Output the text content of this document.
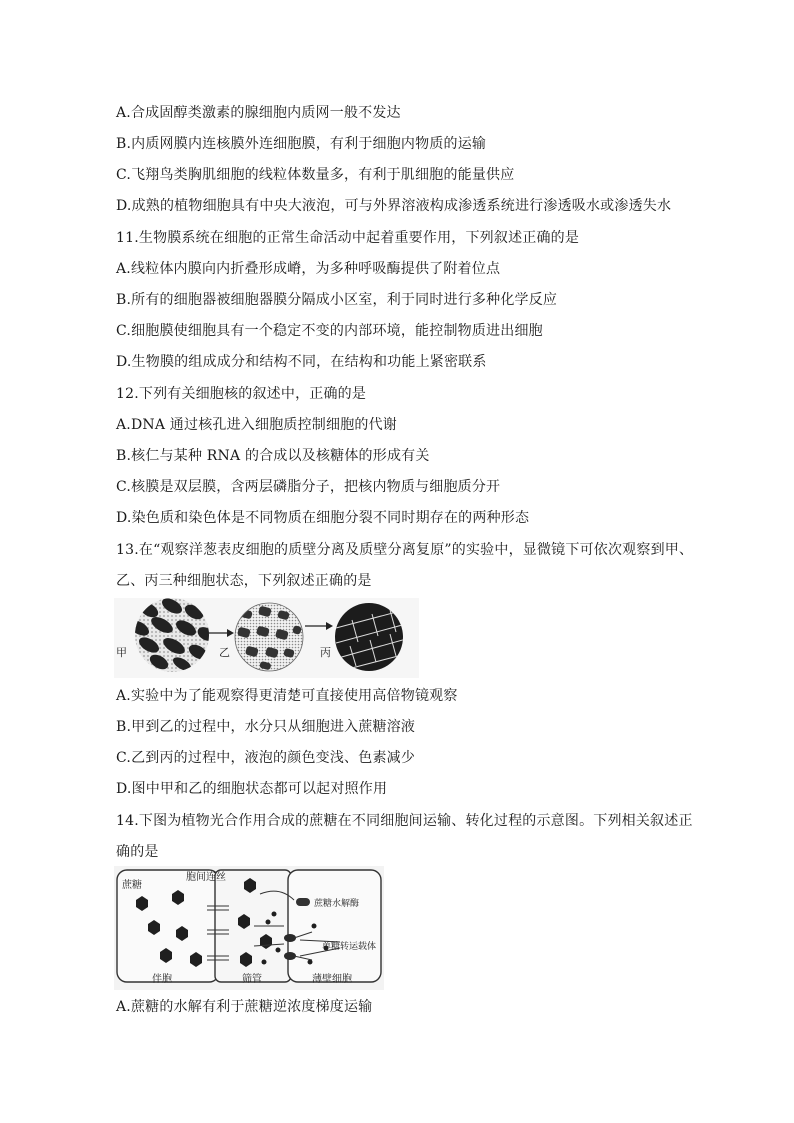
A.合成固醇类激素的腺细胞内质网一般不发达
B.内质网膜内连核膜外连细胞膜，有利于细胞内物质的运输
C.飞翔鸟类胸肌细胞的线粒体数量多，有利于肌细胞的能量供应
D.成熟的植物细胞具有中央大液泡，可与外界溶液构成渗透系统进行渗透吸水或渗透失水
11.生物膜系统在细胞的正常生命活动中起着重要作用，下列叙述正确的是
A.线粒体内膜向内折叠形成嵴，为多种呼吸酶提供了附着位点
B.所有的细胞器被细胞器膜分隔成小区室，利于同时进行多种化学反应
C.细胞膜使细胞具有一个稳定不变的内部环境，能控制物质进出细胞
D.生物膜的组成成分和结构不同，在结构和功能上紧密联系
12.下列有关细胞核的叙述中，正确的是
A.DNA 通过核孔进入细胞质控制细胞的代谢
B.核仁与某种 RNA 的合成以及核糖体的形成有关
C.核膜是双层膜，含两层磷脂分子，把核内物质与细胞质分开
D.染色质和染色体是不同物质在细胞分裂不同时期存在的两种形态
13.在“观察洋葱表皮细胞的质壁分离及质壁分离复原”的实验中，显微镜下可依次观察到甲、
乙、丙三种细胞状态，下列叙述正确的是
甲	乙	丙
A.实验中为了能观察得更清楚可直接使用高倍物镜观察
B.甲到乙的过程中，水分只从细胞进入蔗糖溶液
C.乙到丙的过程中，液泡的颜色变浅、色素减少
D.图中甲和乙的细胞状态都可以起对照作用
14.下图为植物光合作用合成的蔗糖在不同细胞间运输、转化过程的示意图。下列相关叙述正
确的是
蔗糖
胞间连丝
蔗糖水解酶
单糖转运载体
伴胞	筛管	薄壁细胞
A.蔗糖的水解有利于蔗糖逆浓度梯度运输
